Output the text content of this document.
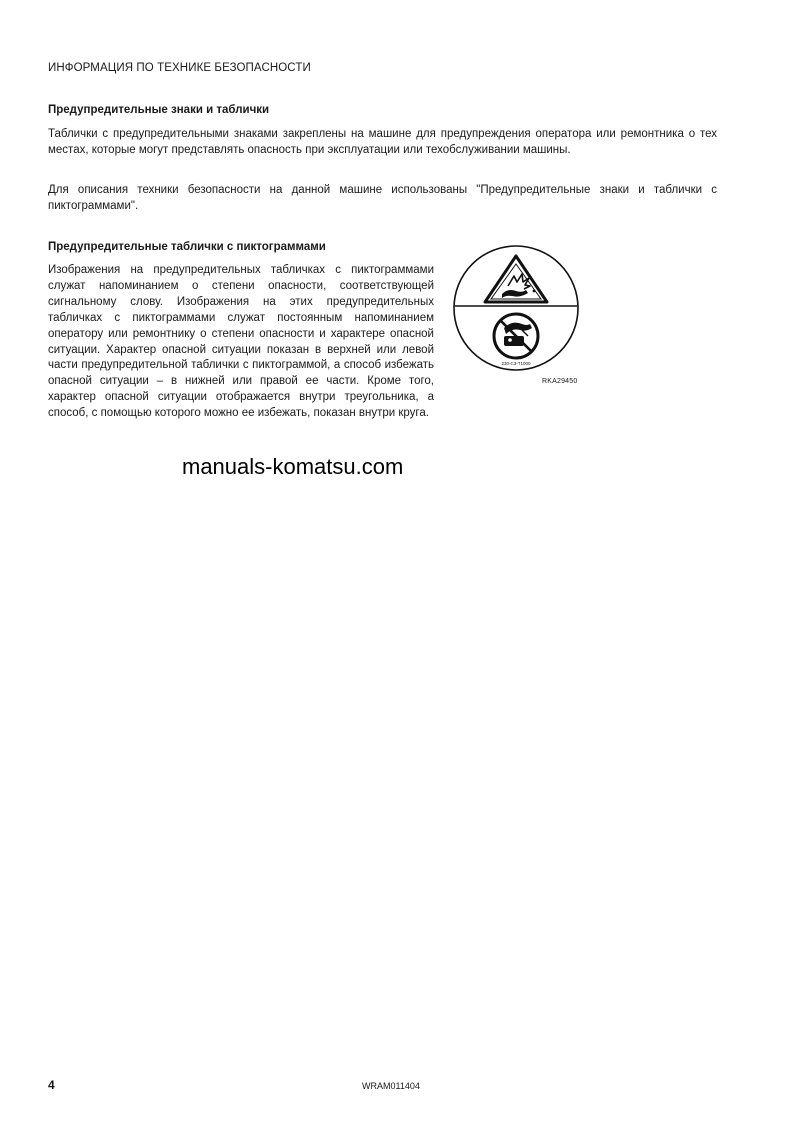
ИНФОРМАЦИЯ ПО ТЕХНИКЕ БЕЗОПАСНОСТИ
Предупредительные знаки и таблички

Таблички с предупредительными знаками закреплены на машине для предупреждения оператора или ремонтника о тех местах, которые могут представлять опасность при эксплуатации или техобслуживании машины.

Для описания техники безопасности на данной машине использованы "Предупредительные знаки и таблички с пиктограммами".

Предупредительные таблички с пиктограммами

Изображения на предупредительных табличках с пиктограммами служат напоминанием о степени опасности, соответствующей сигнальному слову. Изображения на этих предупредительных табличках с пиктограммами служат постоянным напоминанием оператору или ремонтнику о степени опасности и характере опасной ситуации. Характер опасной ситуации показан в верхней или левой части предупредительной таблички с пиктограммой, а способ избежать опасной ситуации – в нижней или правой ее части. Кроме того, характер опасной ситуации отображается внутри треугольника, а способ, с помощью которого можно ее избежать, показан внутри круга.

230-C3-T1000
RKA29450
manuals-komatsu.com
4	WRAM011404
